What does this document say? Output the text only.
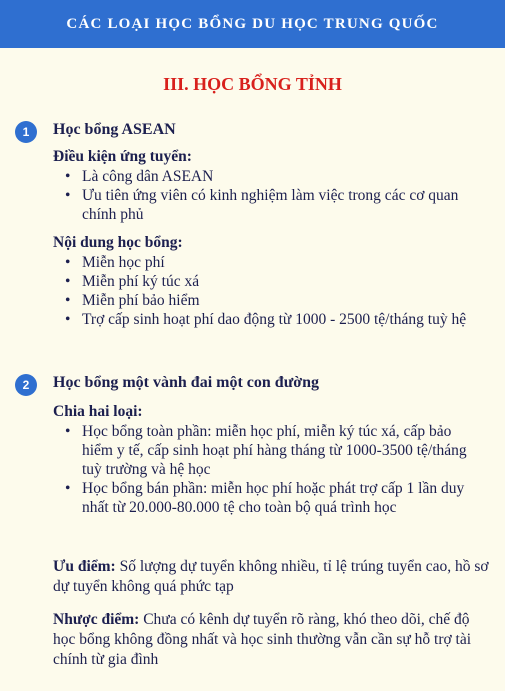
CÁC LOẠI HỌC BỔNG DU HỌC TRUNG QUỐC
III. HỌC BỔNG TỈNH
1	Học bổng ASEAN
Điều kiện ứng tuyển:
• Là công dân ASEAN
• Ưu tiên ứng viên có kinh nghiệm làm việc trong các cơ quan chính phủ
Nội dung học bổng:
• Miễn học phí
• Miễn phí ký túc xá
• Miễn phí bảo hiểm
• Trợ cấp sinh hoạt phí dao động từ 1000 - 2500 tệ/tháng tuỳ hệ
2	Học bổng một vành đai một con đường
Chia hai loại:
• Học bổng toàn phần: miễn học phí, miễn ký túc xá, cấp bảo hiểm y tế, cấp sinh hoạt phí hàng tháng từ 1000-3500 tệ/tháng tuỳ trường và hệ học
• Học bổng bán phần: miễn học phí hoặc phát trợ cấp 1 lần duy nhất từ 20.000-80.000 tệ cho toàn bộ quá trình học
Ưu điểm: Số lượng dự tuyển không nhiều, tỉ lệ trúng tuyển cao, hồ sơ dự tuyển không quá phức tạp
Nhược điểm: Chưa có kênh dự tuyển rõ ràng, khó theo dõi, chế độ học bổng không đồng nhất và học sinh thường vẫn cần sự hỗ trợ tài chính từ gia đình
